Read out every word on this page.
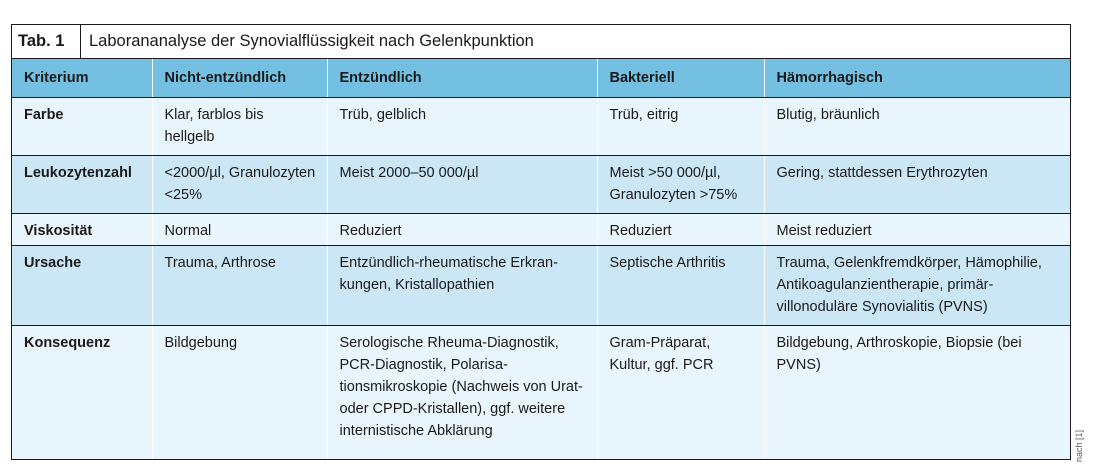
Tab. 1	Laborananalyse der Synovialflüssigkeit nach Gelenkpunktion
Kriterium	Nicht-entzündlich	Entzündlich	Bakteriell	Hämorrhagisch
Farbe	Klar, farblos bis hellgelb	Trüb, gelblich	Trüb, eitrig	Blutig, bräunlich
Leukozytenzahl	<2000/µl, Granulozyten <25%	Meist 2000–50 000/µl	Meist >50 000/µl, Granulozyten >75%	Gering, stattdessen Erythrozyten
Viskosität	Normal	Reduziert	Reduziert	Meist reduziert
Ursache	Trauma, Arthrose	Entzündlich-rheumatische Erkrankungen, Kristallopathien	Septische Arthritis	Trauma, Gelenkfremdkörper, Hämophilie, Antikoagulanzientherapie, primär-villonoduläre Synovialitis (PVNS)
Konsequenz	Bildgebung	Serologische Rheuma-Diagnostik, PCR-Diagnostik, Polarisationsmikroskopie (Nachweis von Urat- oder CPPD-Kristallen), ggf. weitere internistische Abklärung	Gram-Präparat, Kultur, ggf. PCR	Bildgebung, Arthroskopie, Biopsie (bei PVNS)
nach [1]
